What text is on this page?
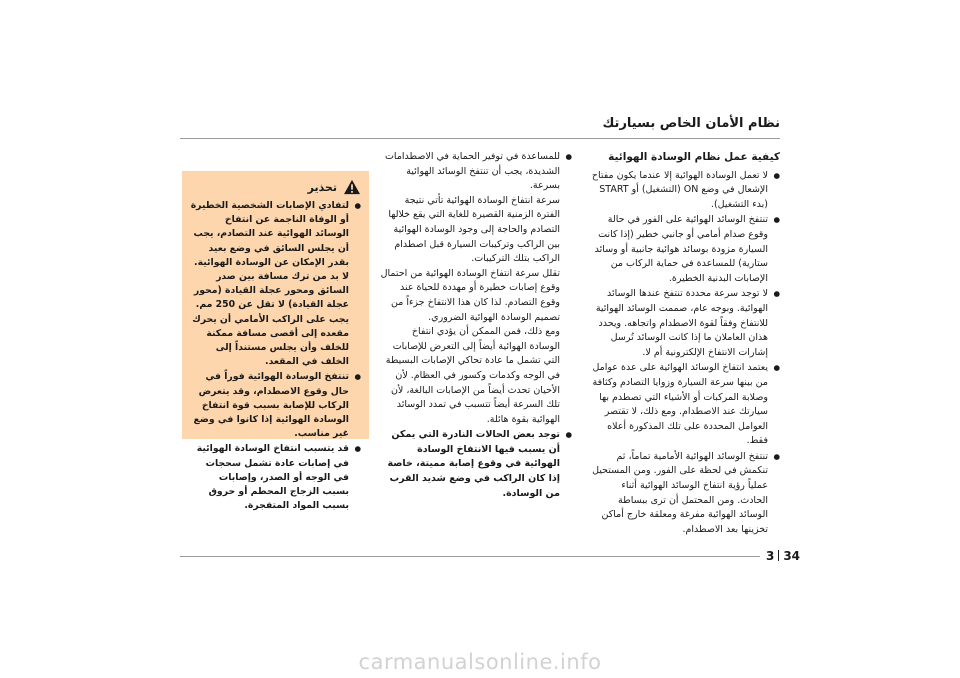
نظام الأمان الخاص بسيارتك
كيفية عمل نظام الوسادة الهوائية
● لا تعمل الوسادة الهوائية إلا عندما يكون مفتاح الإشعال في وضع ON (التشغيل) أو START (بدء التشغيل).
● تنتفخ الوسائد الهوائية على الفور في حالة وقوع صدام أمامي أو جانبي خطير (إذا كانت السيارة مزودة بوسائد هوائية جانبية أو وسائد ستارية) للمساعدة في حماية الركاب من الإصابات البدنية الخطيرة.
● لا توجد سرعة محددة تنتفخ عندها الوسائد الهوائية. وبوجه عام، صممت الوسائد الهوائية للانتفاخ وفقاً لقوة الاصطدام واتجاهه. ويحدد هذان العاملان ما إذا كانت الوسائد تُرسل إشارات الانتفاخ الإلكترونية أم لا.
● يعتمد انتفاخ الوسائد الهوائية على عدة عوامل من بينها سرعة السيارة وزوايا التصادم وكثافة وصلابة المركبات أو الأشياء التي تصطدم بها سيارتك عند الاصطدام. ومع ذلك، لا تقتصر العوامل المحددة على تلك المذكورة أعلاه فقط.
● تنتفخ الوسائد الهوائية الأمامية تماماً، ثم تنكمش في لحظة على الفور. ومن المستحيل عملياً رؤية انتفاخ الوسائد الهوائية أثناء الحادث. ومن المحتمل أن ترى ببساطة الوسائد الهوائية مفرغة ومعلقة خارج أماكن تخزينها بعد الاصطدام.
● للمساعدة في توفير الحماية في الاصطدامات الشديدة، يجب أن تنتفخ الوسائد الهوائية بسرعة.
سرعة انتفاخ الوسادة الهوائية تأتي نتيجة الفترة الزمنية القصيرة للغاية التي يقع خلالها التصادم والحاجة إلى وجود الوسادة الهوائية بين الراكب وتركيبات السيارة قبل اصطدام الراكب بتلك التركيبات.
تقلل سرعة انتفاخ الوسادة الهوائية من احتمال وقوع إصابات خطيرة أو مهددة للحياة عند وقوع التصادم. لذا كان هذا الانتفاخ جزءاً من تصميم الوسادة الهوائية الضروري.
ومع ذلك، فمن الممكن أن يؤدي انتفاخ الوسادة الهوائية أيضاً إلى التعرض للإصابات التي تشمل ما عادة تحاكي الإصابات البسيطة في الوجه وكدمات وكسور في العظام. لأن الأحيان تحدث أيضاً من الإصابات البالغة، لأن تلك السرعة أيضاً تتسبب في تمدد الوسائد الهوائية بقوة هائلة.
● توجد بعض الحالات النادرة التي يمكن أن يسبب فيها الانتفاخ الوسادة الهوائية في وقوع إصابة مميتة، خاصة إذا كان الراكب في وضع شديد القرب من الوسادة.
تحذير
● لتفادي الإصابات الشخصية الخطيرة أو الوفاة الناجمة عن انتفاخ الوسائد الهوائية عند التصادم، يجب أن يجلس السائق في وضع بعيد بقدر الإمكان عن الوسادة الهوائية. لا بد من ترك مسافة بين صدر السائق ومحور عجلة القيادة (محور عجلة القيادة) لا تقل عن 250 مم. يجب على الراكب الأمامي أن يحرك مقعده إلى أقصى مسافة ممكنة للخلف وأن يجلس مستنداً إلى الخلف في المقعد.
● تنتفخ الوسادة الهوائية فوراً في حال وقوع الاصطدام، وقد يتعرض الركاب للإصابة بسبب قوة انتفاخ الوسادة الهوائية إذا كانوا في وضع غير مناسب.
● قد يتسبب انتفاخ الوسادة الهوائية في إصابات عادة تشمل سحجات في الوجه أو الصدر، وإصابات بسبب الزجاج المحطم أو حروق بسبب المواد المتفجرة.
3 34
carmanualsonline.info
